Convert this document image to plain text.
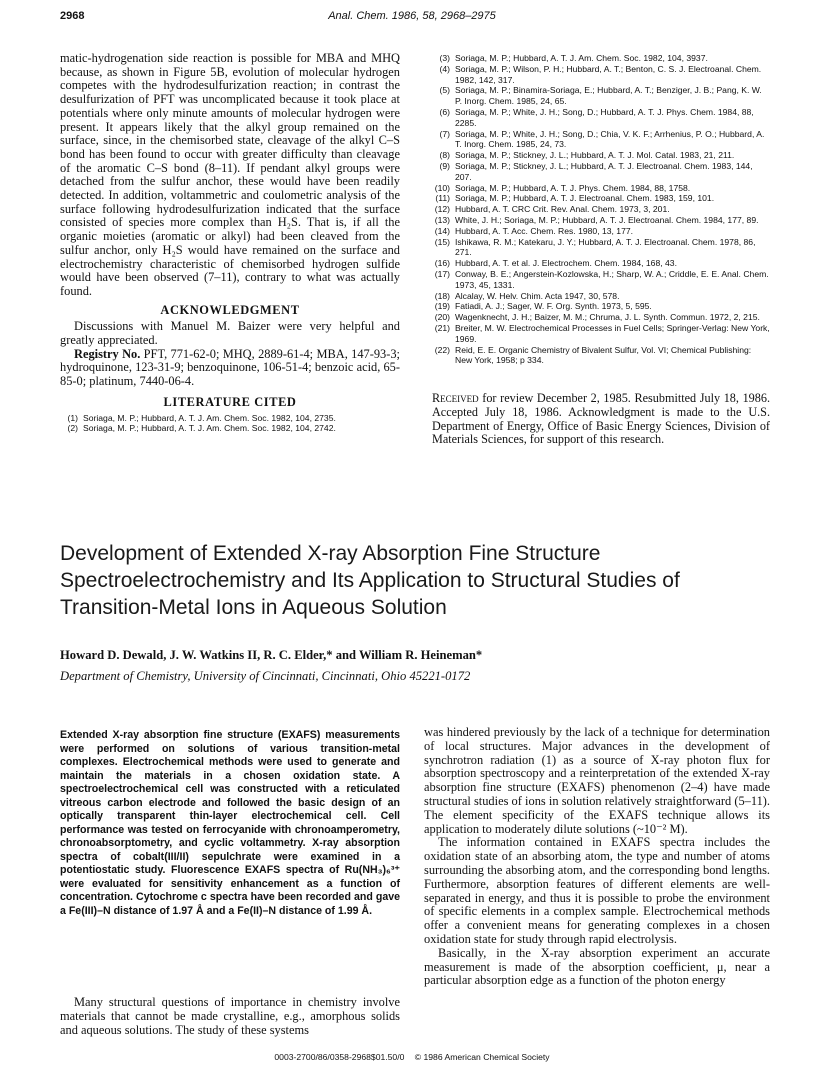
2968	Anal. Chem. 1986, 58, 2968–2975

matic-hydrogenation side reaction is possible for MBA and MHQ because, as shown in Figure 5B, evolution of molecular hydrogen competes with the hydrodesulfurization reaction; in contrast the desulfurization of PFT was uncomplicated because it took place at potentials where only minute amounts of molecular hydrogen were present. It appears likely that the alkyl group remained on the surface, since, in the chemisorbed state, cleavage of the alkyl C–S bond has been found to occur with greater difficulty than cleavage of the aromatic C–S bond (8–11). If pendant alkyl groups were detached from the sulfur anchor, these would have been readily detected. In addition, voltammetric and coulometric analysis of the surface following hydrodesulfurization indicated that the surface consisted of species more complex than H₂S. That is, if all the organic moieties (aromatic or alkyl) had been cleaved from the sulfur anchor, only H₂S would have remained on the surface and electrochemistry characteristic of chemisorbed hydrogen sulfide would have been observed (7–11), contrary to what was actually found.

ACKNOWLEDGMENT

Discussions with Manuel M. Baizer were very helpful and greatly appreciated.

Registry No. PFT, 771-62-0; MHQ, 2889-61-4; MBA, 147-93-3; hydroquinone, 123-31-9; benzoquinone, 106-51-4; benzoic acid, 65-85-0; platinum, 7440-06-4.

LITERATURE CITED

(1) Soriaga, M. P.; Hubbard, A. T. J. Am. Chem. Soc. 1982, 104, 2735.
(2) Soriaga, M. P.; Hubbard, A. T. J. Am. Chem. Soc. 1982, 104, 2742.
(3) Soriaga, M. P.; Hubbard, A. T. J. Am. Chem. Soc. 1982, 104, 3937.
(4) Soriaga, M. P.; Wilson, P. H.; Hubbard, A. T.; Benton, C. S. J. Electroanal. Chem. 1982, 142, 317.
(5) Soriaga, M. P.; Binamira-Soriaga, E.; Hubbard, A. T.; Benziger, J. B.; Pang, K. W. P. Inorg. Chem. 1985, 24, 65.
(6) Soriaga, M. P.; White, J. H.; Song, D.; Hubbard, A. T. J. Phys. Chem. 1984, 88, 2285.
(7) Soriaga, M. P.; White, J. H.; Song, D.; Chia, V. K. F.; Arrhenius, P. O.; Hubbard, A. T. Inorg. Chem. 1985, 24, 73.
(8) Soriaga, M. P.; Stickney, J. L.; Hubbard, A. T. J. Mol. Catal. 1983, 21, 211.
(9) Soriaga, M. P.; Stickney, J. L.; Hubbard, A. T. J. Electroanal. Chem. 1983, 144, 207.
(10) Soriaga, M. P.; Hubbard, A. T. J. Phys. Chem. 1984, 88, 1758.
(11) Soriaga, M. P.; Hubbard, A. T. J. Electroanal. Chem. 1983, 159, 101.
(12) Hubbard, A. T. CRC Crit. Rev. Anal. Chem. 1973, 3, 201.
(13) White, J. H.; Soriaga, M. P.; Hubbard, A. T. J. Electroanal. Chem. 1984, 177, 89.
(14) Hubbard, A. T. Acc. Chem. Res. 1980, 13, 177.
(15) Ishikawa, R. M.; Katekaru, J. Y.; Hubbard, A. T. J. Electroanal. Chem. 1978, 86, 271.
(16) Hubbard, A. T. et al. J. Electrochem. Chem. 1984, 168, 43.
(17) Conway, B. E.; Angerstein-Kozlowska, H.; Sharp, W. A.; Criddle, E. E. Anal. Chem. 1973, 45, 1331.
(18) Alcalay, W. Helv. Chim. Acta 1947, 30, 578.
(19) Fatiadi, A. J.; Sager, W. F. Org. Synth. 1973, 5, 595.
(20) Wagenknecht, J. H.; Baizer, M. M.; Chruma, J. L. Synth. Commun. 1972, 2, 215.
(21) Breiter, M. W. Electrochemical Processes in Fuel Cells; Springer-Verlag: New York, 1969.
(22) Reid, E. E. Organic Chemistry of Bivalent Sulfur, Vol. VI; Chemical Publishing: New York, 1958; p 334.
Received for review December 2, 1985. Resubmitted July 18, 1986. Accepted July 18, 1986. Acknowledgment is made to the U.S. Department of Energy, Office of Basic Energy Sciences, Division of Materials Sciences, for support of this research.
Development of Extended X-ray Absorption Fine Structure Spectroelectrochemistry and Its Application to Structural Studies of Transition-Metal Ions in Aqueous Solution
Howard D. Dewald, J. W. Watkins II, R. C. Elder,* and William R. Heineman*
Department of Chemistry, University of Cincinnati, Cincinnati, Ohio 45221-0172
Extended X-ray absorption fine structure (EXAFS) measurements were performed on solutions of various transition-metal complexes. Electrochemical methods were used to generate and maintain the materials in a chosen oxidation state. A spectroelectrochemical cell was constructed with a reticulated vitreous carbon electrode and followed the basic design of an optically transparent thin-layer electrochemical cell. Cell performance was tested on ferrocyanide with chronoamperometry, chronoabsorptometry, and cyclic voltammetry. X-ray absorption spectra of cobalt(III/II) sepulchrate were examined in a potentiostatic study. Fluorescence EXAFS spectra of Ru(NH₃)₆³⁺ were evaluated for sensitivity enhancement as a function of concentration. Cytochrome c spectra have been recorded and gave a Fe(III)–N distance of 1.97 Å and a Fe(II)–N distance of 1.99 Å.

Many structural questions of importance in chemistry involve materials that cannot be made crystalline, e.g., amorphous solids and aqueous solutions. The study of these systems

was hindered previously by the lack of a technique for determination of local structures. Major advances in the development of synchrotron radiation (1) as a source of X-ray photon flux for absorption spectroscopy and a reinterpretation of the extended X-ray absorption fine structure (EXAFS) phenomenon (2–4) have made structural studies of ions in solution relatively straightforward (5–11). The element specificity of the EXAFS technique allows its application to moderately dilute solutions (~10⁻² M).

The information contained in EXAFS spectra includes the oxidation state of an absorbing atom, the type and number of atoms surrounding the absorbing atom, and the corresponding bond lengths. Furthermore, absorption features of different elements are well-separated in energy, and thus it is possible to probe the environment of specific elements in a complex sample. Electrochemical methods offer a convenient means for generating complexes in a chosen oxidation state for study through rapid electrolysis.

Basically, in the X-ray absorption experiment an accurate measurement is made of the absorption coefficient, μ, near a particular absorption edge as a function of the photon energy

0003-2700/86/0358-2968$01.50/0 © 1986 American Chemical Society
